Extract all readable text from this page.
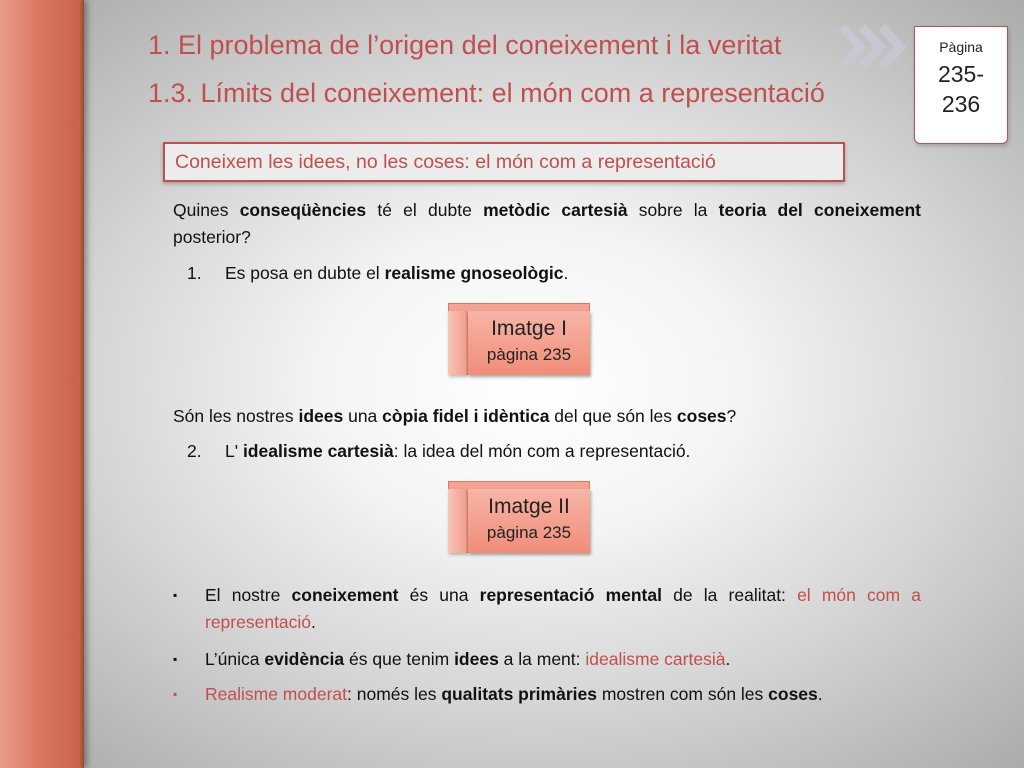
1. El problema de l’origen del coneixement i la veritat
1.3. Límits del coneixement: el món com a representació
Pàgina
235-236
Coneixem les idees, no les coses: el món com a representació

Quines conseqüències té el dubte metòdic cartesià sobre la teoria del coneixement posterior?

1. Es posa en dubte el realisme gnoseològic.

Imatge I
pàgina 235

Són les nostres idees una còpia fidel i idèntica del que són les coses?

2. L' idealisme cartesià: la idea del món com a representació.

Imatge II
pàgina 235
▪ El nostre coneixement és una representació mental de la realitat: el món com a representació.

▪ L’única evidència és que tenim idees a la ment: idealisme cartesià.

▪ Realisme moderat: només les qualitats primàries mostren com són les coses.
